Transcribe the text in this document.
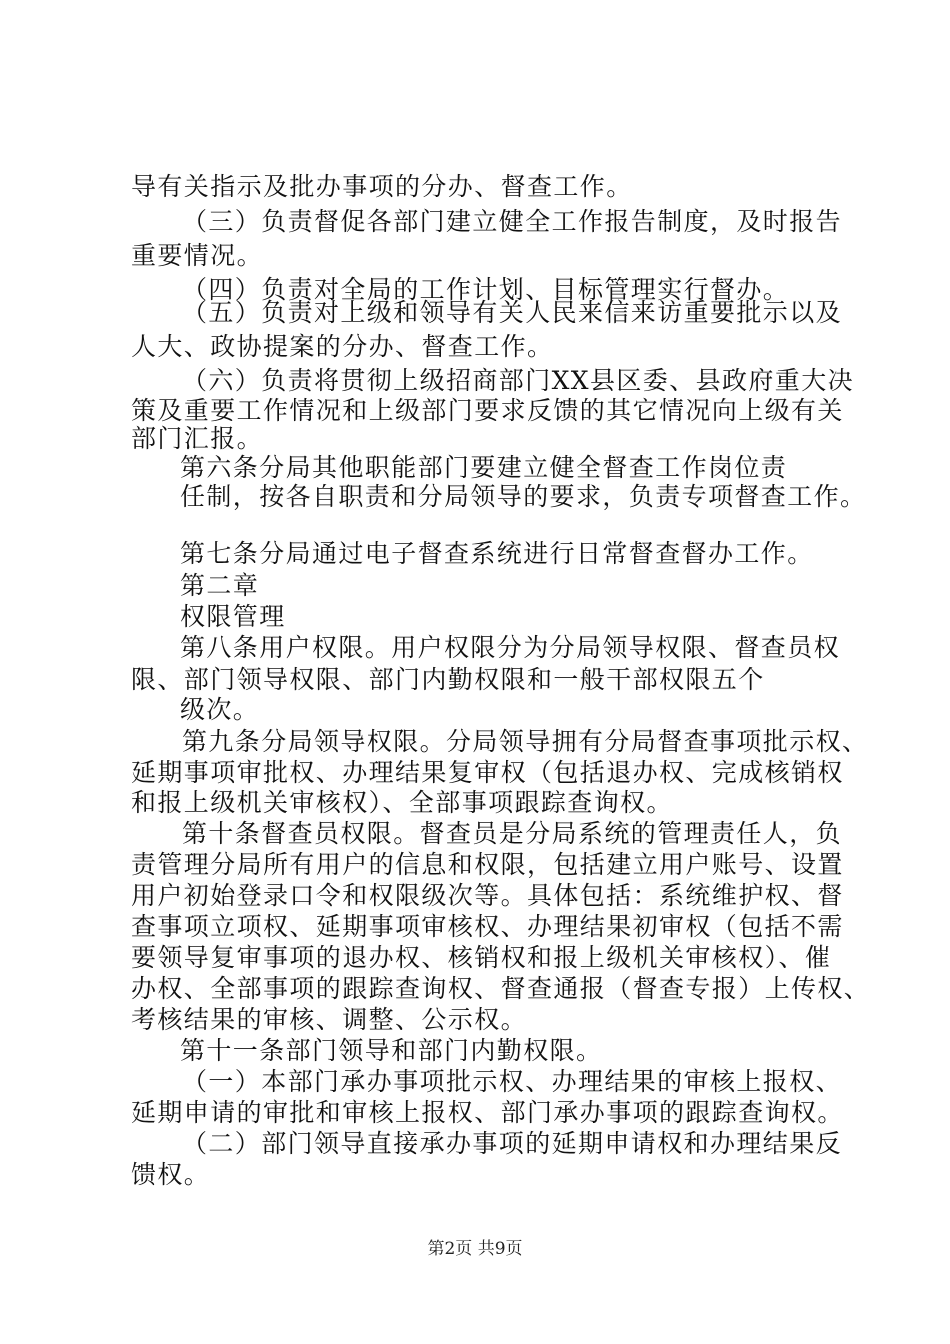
导有关指示及批办事项的分办、督查工作。
（三）负责督促各部门建立健全工作报告制度，及时报告
重要情况。
（四）负责对全局的工作计划、目标管理实行督办。
（五）负责对上级和领导有关人民来信来访重要批示以及
人大、政协提案的分办、督查工作。
（六）负责将贯彻上级招商部门XX县区委、县政府重大决
策及重要工作情况和上级部门要求反馈的其它情况向上级有关
部门汇报。
第六条分局其他职能部门要建立健全督查工作岗位责
任制，按各自职责和分局领导的要求，负责专项督查工作。
第七条分局通过电子督查系统进行日常督查督办工作。
第二章
权限管理
第八条用户权限。用户权限分为分局领导权限、督查员权
限、部门领导权限、部门内勤权限和一般干部权限五个
级次。
第九条分局领导权限。分局领导拥有分局督查事项批示权、
延期事项审批权、办理结果复审权（包括退办权、完成核销权
和报上级机关审核权）、全部事项跟踪查询权。
第十条督查员权限。督查员是分局系统的管理责任人，负
责管理分局所有用户的信息和权限，包括建立用户账号、设置
用户初始登录口令和权限级次等。具体包括：系统维护权、督
查事项立项权、延期事项审核权、办理结果初审权（包括不需
要领导复审事项的退办权、核销权和报上级机关审核权）、催
办权、全部事项的跟踪查询权、督查通报（督查专报）上传权、
考核结果的审核、调整、公示权。
第十一条部门领导和部门内勤权限。
（一）本部门承办事项批示权、办理结果的审核上报权、
延期申请的审批和审核上报权、部门承办事项的跟踪查询权。
（二）部门领导直接承办事项的延期申请权和办理结果反
馈权。
第2页 共9页
